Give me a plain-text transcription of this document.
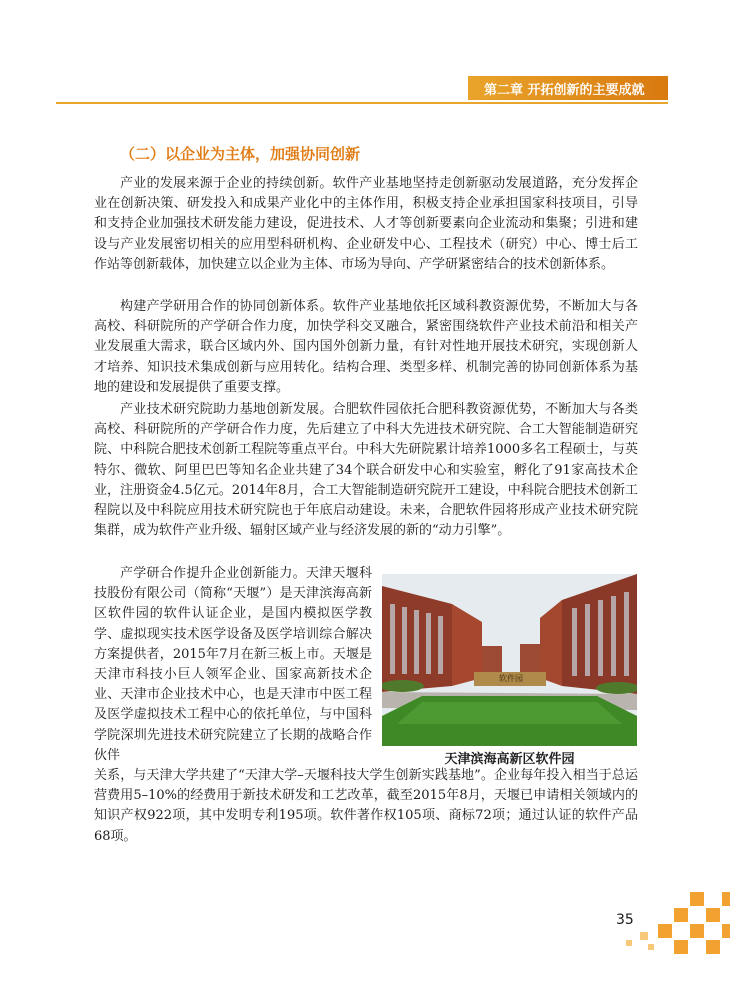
第二章 开拓创新的主要成就
（二）以企业为主体，加强协同创新
产业的发展来源于企业的持续创新。软件产业基地坚持走创新驱动发展道路，充分发挥企业在创新决策、研发投入和成果产业化中的主体作用，积极支持企业承担国家科技项目，引导和支持企业加强技术研发能力建设，促进技术、人才等创新要素向企业流动和集聚；引进和建设与产业发展密切相关的应用型科研机构、企业研发中心、工程技术（研究）中心、博士后工作站等创新载体，加快建立以企业为主体、市场为导向、产学研紧密结合的技术创新体系。
构建产学研用合作的协同创新体系。软件产业基地依托区域科教资源优势，不断加大与各高校、科研院所的产学研合作力度，加快学科交叉融合，紧密围绕软件产业技术前沿和相关产业发展重大需求，联合区域内外、国内国外创新力量，有针对性地开展技术研究，实现创新人才培养、知识技术集成创新与应用转化。结构合理、类型多样、机制完善的协同创新体系为基地的建设和发展提供了重要支撑。
产业技术研究院助力基地创新发展。合肥软件园依托合肥科教资源优势，不断加大与各类高校、科研院所的产学研合作力度，先后建立了中科大先进技术研究院、合工大智能制造研究院、中科院合肥技术创新工程院等重点平台。中科大先研院累计培养1000多名工程硕士，与英特尔、微软、阿里巴巴等知名企业共建了34个联合研发中心和实验室，孵化了91家高技术企业，注册资金4.5亿元。2014年8月，合工大智能制造研究院开工建设，中科院合肥技术创新工程院以及中科院应用技术研究院也于年底启动建设。未来，合肥软件园将形成产业技术研究院集群，成为软件产业升级、辐射区域产业与经济发展的新的“动力引擎”。
产学研合作提升企业创新能力。天津天堰科技股份有限公司（简称“天堰”）是天津滨海高新区软件园的软件认证企业，是国内模拟医学教学、虚拟现实技术医学设备及医学培训综合解决方案提供者，2015年7月在新三板上市。天堰是天津市科技小巨人领军企业、国家高新技术企业、天津市企业技术中心，也是天津市中医工程及医学虚拟技术工程中心的依托单位，与中国科学院深圳先进技术研究院建立了长期的战略合作伙伴
软件园
天津滨海高新区软件园
关系，与天津大学共建了“天津大学–天堰科技大学生创新实践基地”。企业每年投入相当于总运营费用5–10%的经费用于新技术研发和工艺改革，截至2015年8月，天堰已申请相关领域内的知识产权922项，其中发明专利195项。软件著作权105项、商标72项；通过认证的软件产品68项。
35
